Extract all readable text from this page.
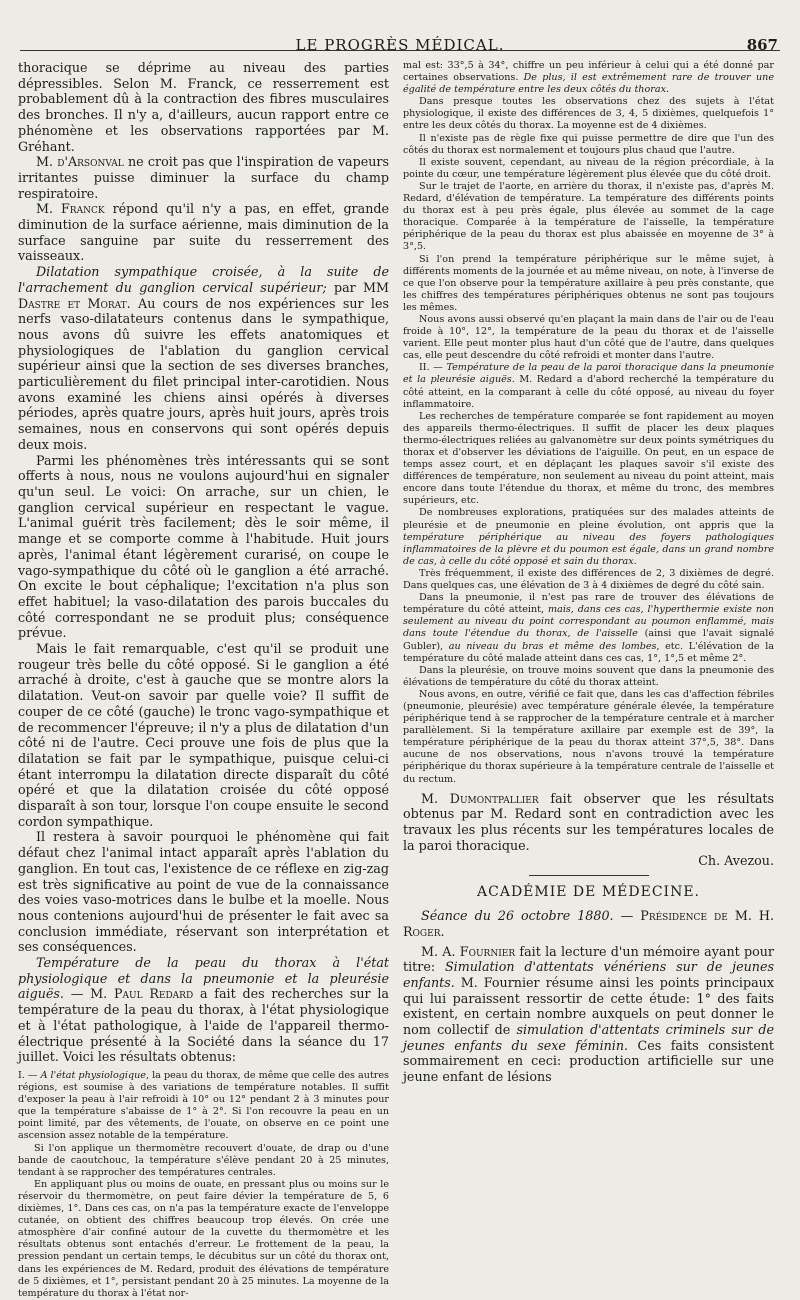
LE PROGRÈS MÉDICAL.	867

thoracique se déprime au niveau des parties dépressibles. Selon M. Franck, ce resserrement est probablement dû à la contraction des fibres musculaires des bronches. Il n'y a, d'ailleurs, aucun rapport entre ce phénomène et les observations rapportées par M. Gréhant.

M. d'Arsonval ne croit pas que l'inspiration de vapeurs irritantes puisse diminuer la surface du champ respiratoire.

M. Franck répond qu'il n'y a pas, en effet, grande diminution de la surface aérienne, mais diminution de la surface sanguine par suite du resserrement des vaisseaux.

Dilatation sympathique croisée, à la suite de l'arrachement du ganglion cervical supérieur; par MM Dastre et Morat. Au cours de nos expériences sur les nerfs vaso-dilatateurs contenus dans le sympathique, nous avons dû suivre les effets anatomiques et physiologiques de l'ablation du ganglion cervical supérieur ainsi que la section de ses diverses branches, particulièrement du filet principal inter-carotidien. Nous avons examiné les chiens ainsi opérés à diverses périodes, après quatre jours, après huit jours, après trois semaines, nous en conservons qui sont opérés depuis deux mois.

Parmi les phénomènes très intéressants qui se sont offerts à nous, nous ne voulons aujourd'hui en signaler qu'un seul. Le voici: On arrache, sur un chien, le ganglion cervical supérieur en respectant le vague. L'animal guérit très facilement; dès le soir même, il mange et se comporte comme à l'habitude. Huit jours après, l'animal étant légèrement curarisé, on coupe le vago-sympathique du côté où le ganglion a été arraché. On excite le bout céphalique; l'excitation n'a plus son effet habituel; la vaso-dilatation des parois buccales du côté correspondant ne se produit plus; conséquence prévue.

Mais le fait remarquable, c'est qu'il se produit une rougeur très belle du côté opposé. Si le ganglion a été arraché à droite, c'est à gauche que se montre alors la dilatation. Veut-on savoir par quelle voie? Il suffit de couper de ce côté (gauche) le tronc vago-sympathique et de recommencer l'épreuve; il n'y a plus de dilatation d'un côté ni de l'autre. Ceci prouve une fois de plus que la dilatation se fait par le sympathique, puisque celui-ci étant interrompu la dilatation directe disparaît du côté opéré et que la dilatation croisée du côté opposé disparaît à son tour, lorsque l'on coupe ensuite le second cordon sympathique.

Il restera à savoir pourquoi le phénomène qui fait défaut chez l'animal intact apparaît après l'ablation du ganglion. En tout cas, l'existence de ce réflexe en zig-zag est très significative au point de vue de la connaissance des voies vaso-motrices dans le bulbe et la moelle. Nous nous contenions aujourd'hui de présenter le fait avec sa conclusion immédiate, réservant son interprétation et ses conséquences.

Température de la peau du thorax à l'état physiologique et dans la pneumonie et la pleurésie aiguës. — M. Paul Redard a fait des recherches sur la température de la peau du thorax, à l'état physiologique et à l'état pathologique, à l'aide de l'appareil thermo-électrique présenté à la Société dans la séance du 17 juillet. Voici les résultats obtenus:

I. — A l'état physiologique, la peau du thorax, de même que celle des autres régions, est soumise à des variations de température notables. Il suffit d'exposer la peau à l'air refroidi à 10° ou 12° pendant 2 à 3 minutes pour que la température s'abaisse de 1° à 2°. Si l'on recouvre la peau en un point limité, par des vêtements, de l'ouate, on observe en ce point une ascension assez notable de la température.

Si l'on applique un thermomètre recouvert d'ouate, de drap ou d'une bande de caoutchouc, la température s'élève pendant 20 à 25 minutes, tendant à se rapprocher des températures centrales.

En appliquant plus ou moins de ouate, en pressant plus ou moins sur le réservoir du thermomètre, on peut faire dévier la température de 5, 6 dixièmes, 1°. Dans ces cas, on n'a pas la température exacte de l'enveloppe cutanée, on obtient des chiffres beaucoup trop élevés. On crée une atmosphère d'air confiné autour de la cuvette du thermomètre et les résultats obtenus sont entachés d'erreur. Le frottement de la peau, la pression pendant un certain temps, le décubitus sur un côté du thorax ont, dans les expériences de M. Redard, produit des élévations de température de 5 dixièmes, et 1°, persistant pendant 20 à 25 minutes. La moyenne de la température du thorax à l'état nor-

mal est: 33°,5 à 34°, chiffre un peu inférieur à celui qui a été donné par certaines observations. De plus, il est extrêmement rare de trouver une égalité de température entre les deux côtés du thorax.

Dans presque toutes les observations chez des sujets à l'état physiologique, il existe des différences de 3, 4, 5 dixièmes, quelquefois 1° entre les deux côtés du thorax. La moyenne est de 4 dixièmes.

Il n'existe pas de règle fixe qui puisse permettre de dire que l'un des côtés du thorax est normalement et toujours plus chaud que l'autre.

Il existe souvent, cependant, au niveau de la région précordiale, à la pointe du cœur, une température légèrement plus élevée que du côté droit.

Sur le trajet de l'aorte, en arrière du thorax, il n'existe pas, d'après M. Redard, d'élévation de température. La température des différents points du thorax est à peu près égale, plus élevée au sommet de la cage thoracique. Comparée à la température de l'aisselle, la température périphérique de la peau du thorax est plus abaissée en moyenne de 3° à 3°,5.

Si l'on prend la température périphérique sur le même sujet, à différents moments de la journée et au même niveau, on note, à l'inverse de ce que l'on observe pour la température axillaire à peu près constante, que les chiffres des températures périphériques obtenus ne sont pas toujours les mêmes.

Nous avons aussi observé qu'en plaçant la main dans de l'air ou de l'eau froide à 10°, 12°, la température de la peau du thorax et de l'aisselle varient. Elle peut monter plus haut d'un côté que de l'autre, dans quelques cas, elle peut descendre du côté refroidi et monter dans l'autre.

II. — Température de la peau de la paroi thoracique dans la pneumonie et la pleurésie aiguës. M. Redard a d'abord recherché la température du côté atteint, en la comparant à celle du côté opposé, au niveau du foyer inflammatoire.

Les recherches de température comparée se font rapidement au moyen des appareils thermo-électriques. Il suffit de placer les deux plaques thermo-électriques reliées au galvanomètre sur deux points symétriques du thorax et d'observer les déviations de l'aiguille. On peut, en un espace de temps assez court, et en déplaçant les plaques savoir s'il existe des différences de température, non seulement au niveau du point atteint, mais encore dans toute l'étendue du thorax, et même du tronc, des membres supérieurs, etc.

De nombreuses explorations, pratiquées sur des malades atteints de pleurésie et de pneumonie en pleine évolution, ont appris que la température périphérique au niveau des foyers pathologiques inflammatoires de la plèvre et du poumon est égale, dans un grand nombre de cas, à celle du côté opposé et sain du thorax.

Très fréquemment, il existe des différences de 2, 3 dixièmes de degré. Dans quelques cas, une élévation de 3 à 4 dixièmes de degré du côté sain.

Dans la pneumonie, il n'est pas rare de trouver des élévations de température du côté atteint, mais, dans ces cas, l'hyperthermie existe non seulement au niveau du point correspondant au poumon enflammé, mais dans toute l'étendue du thorax, de l'aisselle (ainsi que l'avait signalé Gubler), au niveau du bras et même des lombes, etc. L'élévation de la température du côté malade atteint dans ces cas, 1°, 1°,5 et même 2°.

Dans la pleurésie, on trouve moins souvent que dans la pneumonie des élévations de température du côté du thorax atteint.

Nous avons, en outre, vérifié ce fait que, dans les cas d'affection fébriles (pneumonie, pleurésie) avec température générale élevée, la température périphérique tend à se rapprocher de la température centrale et à marcher parallèlement. Si la température axillaire par exemple est de 39°, la température périphérique de la peau du thorax atteint 37°,5, 38°. Dans aucune de nos observations, nous n'avons trouvé la température périphérique du thorax supérieure à la température centrale de l'aisselle et du rectum.

M. Dumontpallier fait observer que les résultats obtenus par M. Redard sont en contradiction avec les travaux les plus récents sur les températures locales de la paroi thoracique.

Ch. Avezou.

ACADÉMIE DE MÉDECINE.

Séance du 26 octobre 1880. — Présidence de M. H. Roger.

M. A. Fournier fait la lecture d'un mémoire ayant pour titre: Simulation d'attentats vénériens sur de jeunes enfants. M. Fournier résume ainsi les points principaux qui lui paraissent ressortir de cette étude: 1° des faits existent, en certain nombre auxquels on peut donner le nom collectif de simulation d'attentats criminels sur de jeunes enfants du sexe féminin. Ces faits consistent sommairement en ceci: production artificielle sur une jeune enfant de lésions
